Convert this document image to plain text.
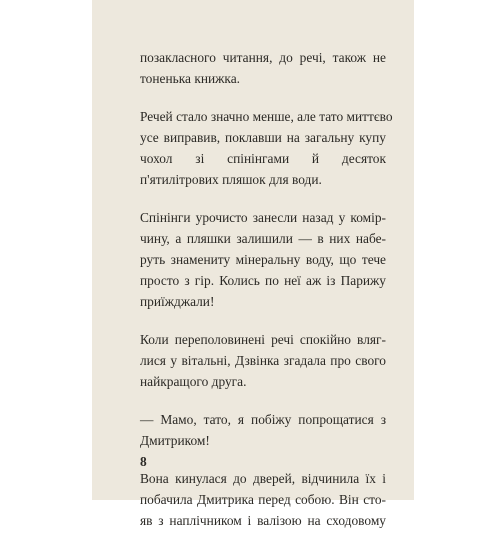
позакласного читання, до речі, також не
тоненька книжка.

Речей стало значно менше, але тато миттєво
усе виправив, поклавши на загальну купу
чохол зі спінінгами й десяток
п'ятилітрових пляшок для води.

Спінінги урочисто занесли назад у комір-
чину, а пляшки залишили — в них набе-
руть знамениту мінеральну воду, що тече
просто з гір. Колись по неї аж із Парижу
приїжджали!

Коли переполовинені речі спокійно вляг-
лися у вітальні, Дзвінка згадала про свого
найкращого друга.

— Мамо, тато, я побіжу попрощатися з
Дмитриком!

Вона кинулася до дверей, відчинила їх і
побачила Дмитрика перед собою. Він сто-
яв з наплічником і валізою на сходовому

8
